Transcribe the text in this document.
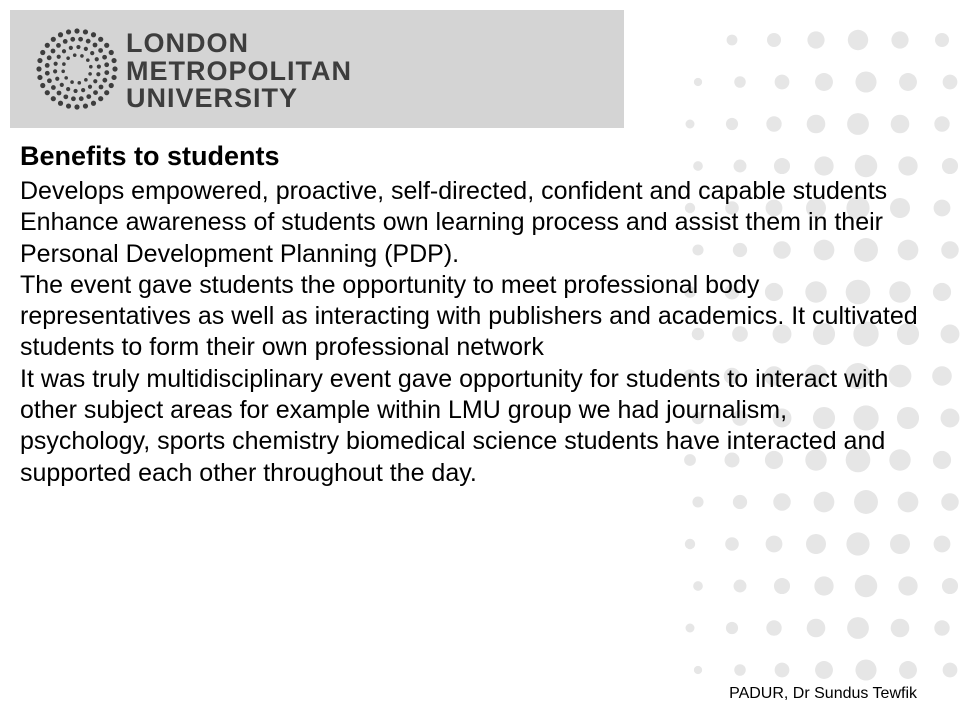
LONDON
METROPOLITAN
UNIVERSITY
Benefits to students

Develops empowered, proactive, self-directed, confident and capable students

Enhance awareness of students own learning process and assist them in their Personal Development Planning (PDP).

The event gave students the opportunity to meet professional body representatives as well as interacting with publishers and academics. It cultivated students to form their own professional network

It was truly multidisciplinary event gave opportunity for students to interact with other subject areas for example within LMU group we had journalism, psychology, sports chemistry biomedical science students have interacted and supported each other throughout the day.

PADUR, Dr Sundus Tewfik
